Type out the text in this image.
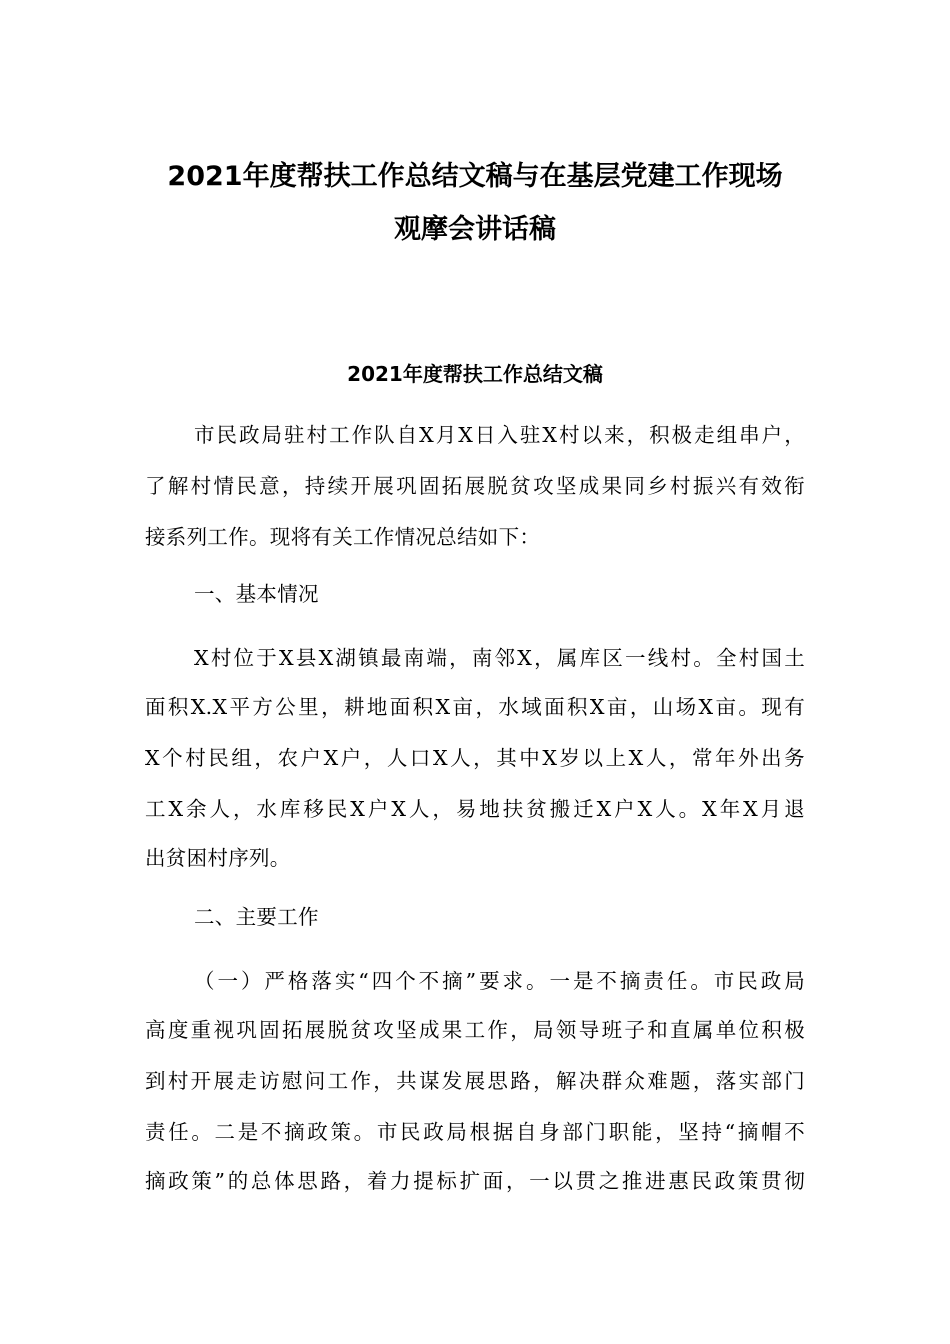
2021年度帮扶工作总结文稿与在基层党建工作现场
观摩会讲话稿
2021年度帮扶工作总结文稿
市民政局驻村工作队自X月X日入驻X村以来，积极走组串户，
了解村情民意，持续开展巩固拓展脱贫攻坚成果同乡村振兴有效衔
接系列工作。现将有关工作情况总结如下：
一、基本情况
X村位于X县X湖镇最南端，南邻X，属库区一线村。全村国土
面积X.X平方公里，耕地面积X亩，水域面积X亩，山场X亩。现有
X个村民组，农户X户，人口X人，其中X岁以上X人，常年外出务
工X余人，水库移民X户X人，易地扶贫搬迁X户X人。X年X月退
出贫困村序列。
二、主要工作
（一）严格落实“四个不摘”要求。一是不摘责任。市民政局
高度重视巩固拓展脱贫攻坚成果工作，局领导班子和直属单位积极
到村开展走访慰问工作，共谋发展思路，解决群众难题，落实部门
责任。二是不摘政策。市民政局根据自身部门职能，坚持“摘帽不
摘政策”的总体思路，着力提标扩面，一以贯之推进惠民政策贯彻
